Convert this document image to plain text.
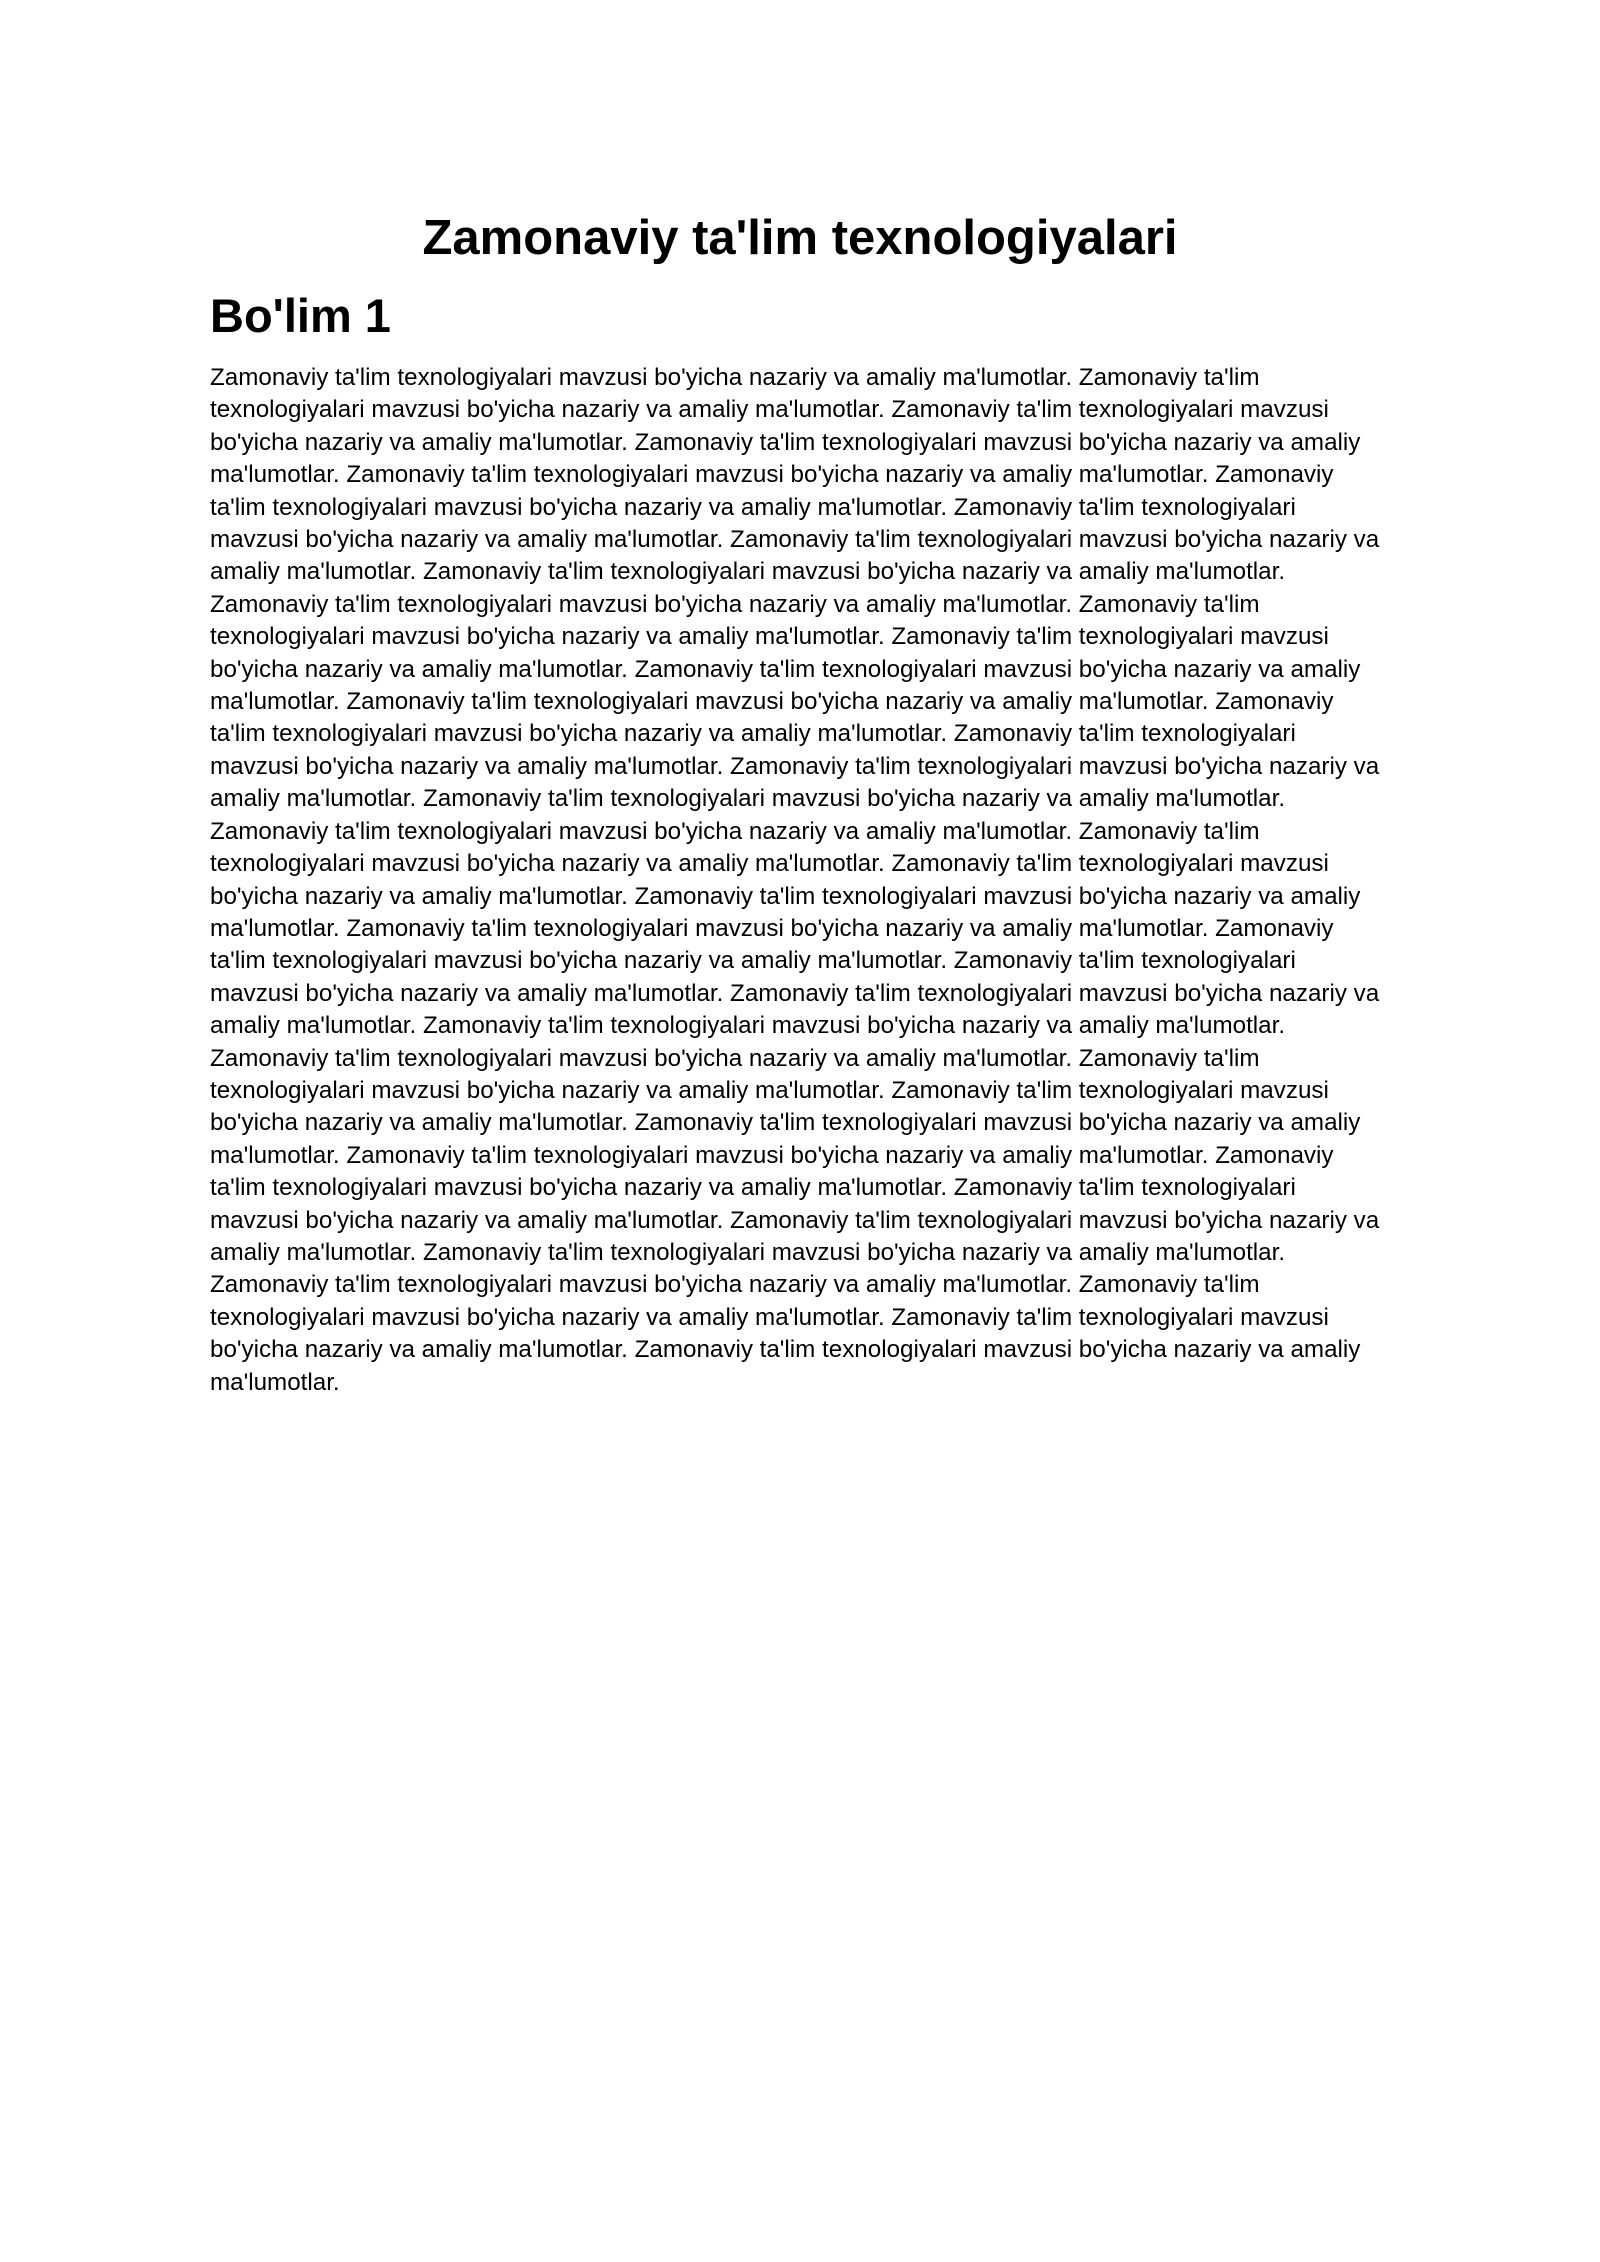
Zamonaviy ta'lim texnologiyalari
Bo'lim 1

Zamonaviy ta'lim texnologiyalari mavzusi bo'yicha nazariy va amaliy ma'lumotlar. Zamonaviy ta'lim texnologiyalari mavzusi bo'yicha nazariy va amaliy ma'lumotlar. Zamonaviy ta'lim texnologiyalari mavzusi bo'yicha nazariy va amaliy ma'lumotlar. Zamonaviy ta'lim texnologiyalari mavzusi bo'yicha nazariy va amaliy ma'lumotlar. Zamonaviy ta'lim texnologiyalari mavzusi bo'yicha nazariy va amaliy ma'lumotlar. Zamonaviy ta'lim texnologiyalari mavzusi bo'yicha nazariy va amaliy ma'lumotlar. Zamonaviy ta'lim texnologiyalari mavzusi bo'yicha nazariy va amaliy ma'lumotlar. Zamonaviy ta'lim texnologiyalari mavzusi bo'yicha nazariy va amaliy ma'lumotlar. Zamonaviy ta'lim texnologiyalari mavzusi bo'yicha nazariy va amaliy ma'lumotlar. Zamonaviy ta'lim texnologiyalari mavzusi bo'yicha nazariy va amaliy ma'lumotlar. Zamonaviy ta'lim texnologiyalari mavzusi bo'yicha nazariy va amaliy ma'lumotlar. Zamonaviy ta'lim texnologiyalari mavzusi bo'yicha nazariy va amaliy ma'lumotlar. Zamonaviy ta'lim texnologiyalari mavzusi bo'yicha nazariy va amaliy ma'lumotlar. Zamonaviy ta'lim texnologiyalari mavzusi bo'yicha nazariy va amaliy ma'lumotlar. Zamonaviy ta'lim texnologiyalari mavzusi bo'yicha nazariy va amaliy ma'lumotlar. Zamonaviy ta'lim texnologiyalari mavzusi bo'yicha nazariy va amaliy ma'lumotlar. Zamonaviy ta'lim texnologiyalari mavzusi bo'yicha nazariy va amaliy ma'lumotlar. Zamonaviy ta'lim texnologiyalari mavzusi bo'yicha nazariy va amaliy ma'lumotlar. Zamonaviy ta'lim texnologiyalari mavzusi bo'yicha nazariy va amaliy ma'lumotlar. Zamonaviy ta'lim texnologiyalari mavzusi bo'yicha nazariy va amaliy ma'lumotlar. Zamonaviy ta'lim texnologiyalari mavzusi bo'yicha nazariy va amaliy ma'lumotlar. Zamonaviy ta'lim texnologiyalari mavzusi bo'yicha nazariy va amaliy ma'lumotlar. Zamonaviy ta'lim texnologiyalari mavzusi bo'yicha nazariy va amaliy ma'lumotlar. Zamonaviy ta'lim texnologiyalari mavzusi bo'yicha nazariy va amaliy ma'lumotlar. Zamonaviy ta'lim texnologiyalari mavzusi bo'yicha nazariy va amaliy ma'lumotlar. Zamonaviy ta'lim texnologiyalari mavzusi bo'yicha nazariy va amaliy ma'lumotlar. Zamonaviy ta'lim texnologiyalari mavzusi bo'yicha nazariy va amaliy ma'lumotlar. Zamonaviy ta'lim texnologiyalari mavzusi bo'yicha nazariy va amaliy ma'lumotlar. Zamonaviy ta'lim texnologiyalari mavzusi bo'yicha nazariy va amaliy ma'lumotlar. Zamonaviy ta'lim texnologiyalari mavzusi bo'yicha nazariy va amaliy ma'lumotlar. Zamonaviy ta'lim texnologiyalari mavzusi bo'yicha nazariy va amaliy ma'lumotlar. Zamonaviy ta'lim texnologiyalari mavzusi bo'yicha nazariy va amaliy ma'lumotlar. Zamonaviy ta'lim texnologiyalari mavzusi bo'yicha nazariy va amaliy ma'lumotlar. Zamonaviy ta'lim texnologiyalari mavzusi bo'yicha nazariy va amaliy ma'lumotlar. Zamonaviy ta'lim texnologiyalari mavzusi bo'yicha nazariy va amaliy ma'lumotlar. Zamonaviy ta'lim texnologiyalari mavzusi bo'yicha nazariy va amaliy ma'lumotlar. Zamonaviy ta'lim texnologiyalari mavzusi bo'yicha nazariy va amaliy ma'lumotlar. Zamonaviy ta'lim texnologiyalari mavzusi bo'yicha nazariy va amaliy ma'lumotlar. Zamonaviy ta'lim texnologiyalari mavzusi bo'yicha nazariy va amaliy ma'lumotlar. Zamonaviy ta'lim texnologiyalari mavzusi bo'yicha nazariy va amaliy ma'lumotlar.
